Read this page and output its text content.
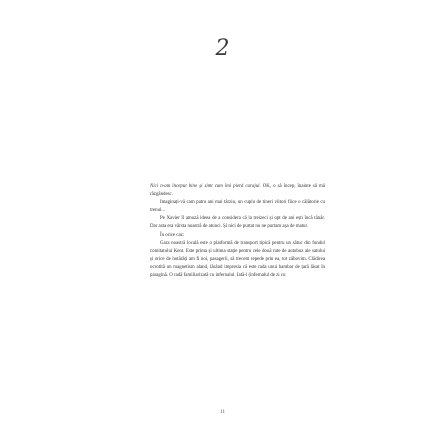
2

Nici n-am început bine și simt cum îmi pierd curajul. OK, o să încep, înainte să mă răzgândesc.

Imaginați-vă cam patru ani mai târziu, un cuplu de tineri viitori fiice o călătorie cu trenul...

Pe Xavier îl amuză ideea de a considera că la treizeci și opt de ani ești încă tânăr. Dar asta era vârsta noastră de atunci. Și nici de purtat nu ne purtam așa de matur.

În orice caz:

Gara noastră locală este o platformă de transport tipică pentru un sătuc din fundul comitatului Kent. Este prima și ultima stație pentru cele două rute de autobuz ale satului și orice de hotărâți am fi noi, pasagerii, să trecem repede prin ea, tot zăbovim. Clădirea ocrotită un magnetism aland, lăsând impresia că este rada unui hambar de țară lăsat în paragină. O radă familiarizată cu infernalul. Iată-l (infernalul de zi cu

11
